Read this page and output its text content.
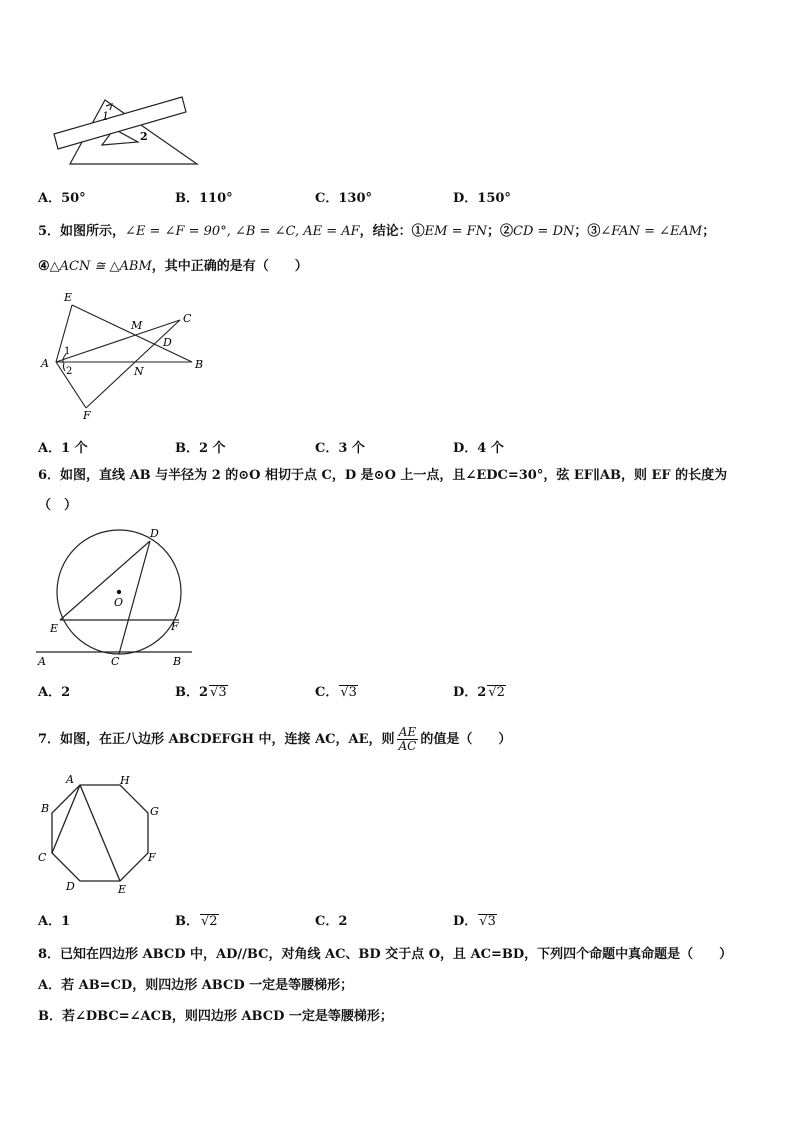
1
2
A．50°	B．110°	C．130°	D．150°
5．如图所示，∠E = ∠F = 90°, ∠B = ∠C, AE = AF，结论：①EM = FN；②CD = DN；③∠FAN = ∠EAM；
④△ACN ≅ △ABM，其中正确的是有（　　）
E
M
C
D
1
A
2	N
B
F
A．1 个	B．2 个	C．3 个	D．4 个
6．如图，直线 AB 与半径为 2 的⊙O 相切于点 C，D 是⊙O 上一点，且∠EDC=30°，弦 EF∥AB，则 EF 的长度为
（　）
D
O
E	F
A	C	B
A．2	B．2 √3	C． √3	D．2 √2
7．如图，在正八边形 ABCDEFGH 中，连接 AC，AE，则 $\frac{AE}{AC}$ 的值是（　　）
A	H
B	G
C	F
D	E
A．1	B． √2	C．2	D． √3
8．已知在四边形 ABCD 中，AD//BC，对角线 AC、BD 交于点 O，且 AC=BD，下列四个命题中真命题是（　　）
A．若 AB=CD，则四边形 ABCD 一定是等腰梯形；
B．若∠DBC=∠ACB，则四边形 ABCD 一定是等腰梯形；
